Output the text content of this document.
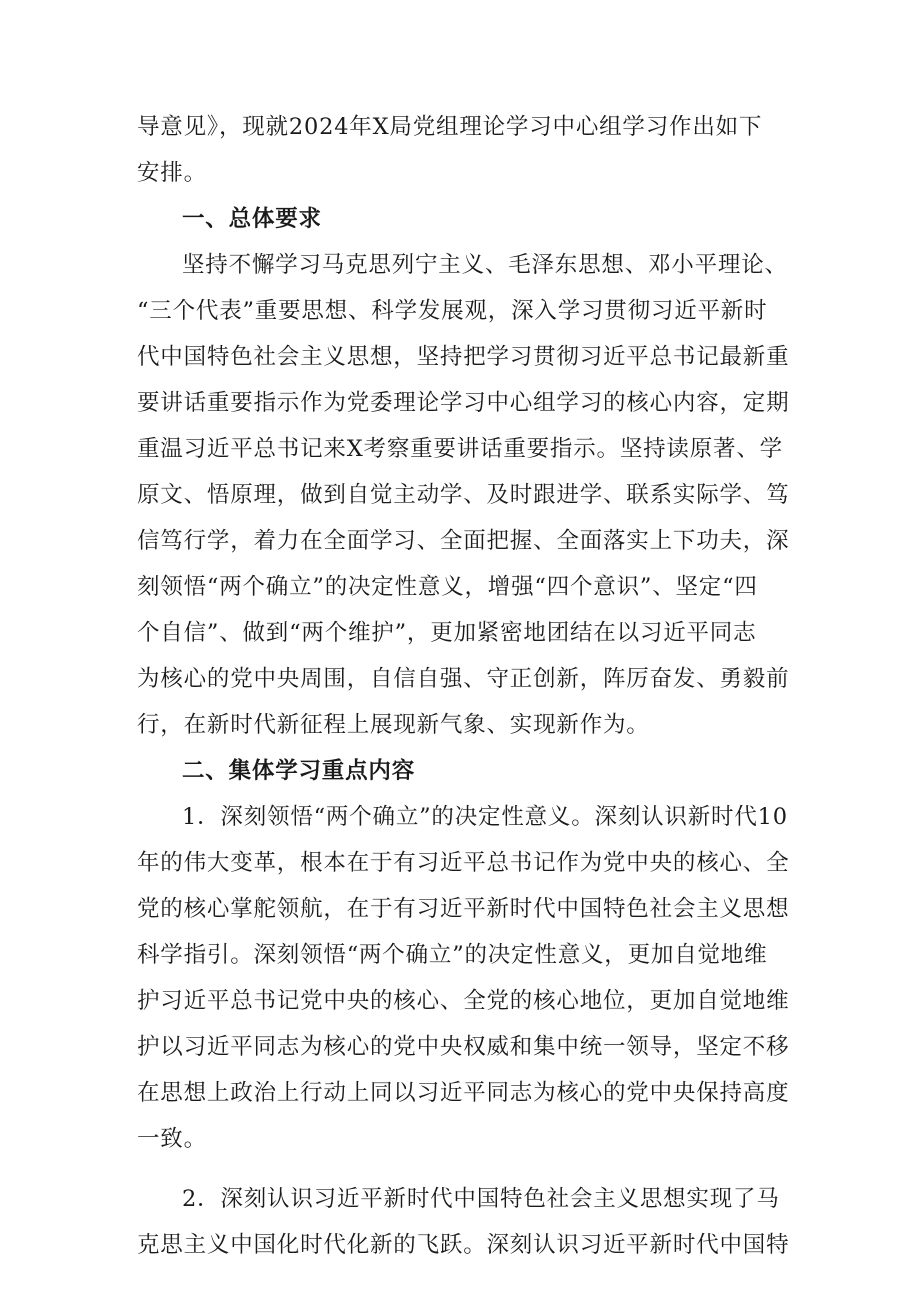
导意见》，现就2024年X局党组理论学习中心组学习作出如下
安排。
一、总体要求
坚持不懈学习马克思列宁主义、毛泽东思想、邓小平理论、
“三个代表”重要思想、科学发展观，深入学习贯彻习近平新时
代中国特色社会主义思想，坚持把学习贯彻习近平总书记最新重
要讲话重要指示作为党委理论学习中心组学习的核心内容，定期
重温习近平总书记来X考察重要讲话重要指示。坚持读原著、学
原文、悟原理，做到自觉主动学、及时跟进学、联系实际学、笃
信笃行学，着力在全面学习、全面把握、全面落实上下功夫，深
刻领悟“两个确立”的决定性意义，增强“四个意识”、坚定“四
个自信”、做到“两个维护”，更加紧密地团结在以习近平同志
为核心的党中央周围，自信自强、守正创新，阵厉奋发、勇毅前
行，在新时代新征程上展现新气象、实现新作为。
二、集体学习重点内容
1．深刻领悟“两个确立”的决定性意义。深刻认识新时代10
年的伟大变革，根本在于有习近平总书记作为党中央的核心、全
党的核心掌舵领航，在于有习近平新时代中国特色社会主义思想
科学指引。深刻领悟“两个确立”的决定性意义，更加自觉地维
护习近平总书记党中央的核心、全党的核心地位，更加自觉地维
护以习近平同志为核心的党中央权威和集中统一领导，坚定不移
在思想上政治上行动上同以习近平同志为核心的党中央保持高度
一致。
2．深刻认识习近平新时代中国特色社会主义思想实现了马
克思主义中国化时代化新的飞跃。深刻认识习近平新时代中国特
